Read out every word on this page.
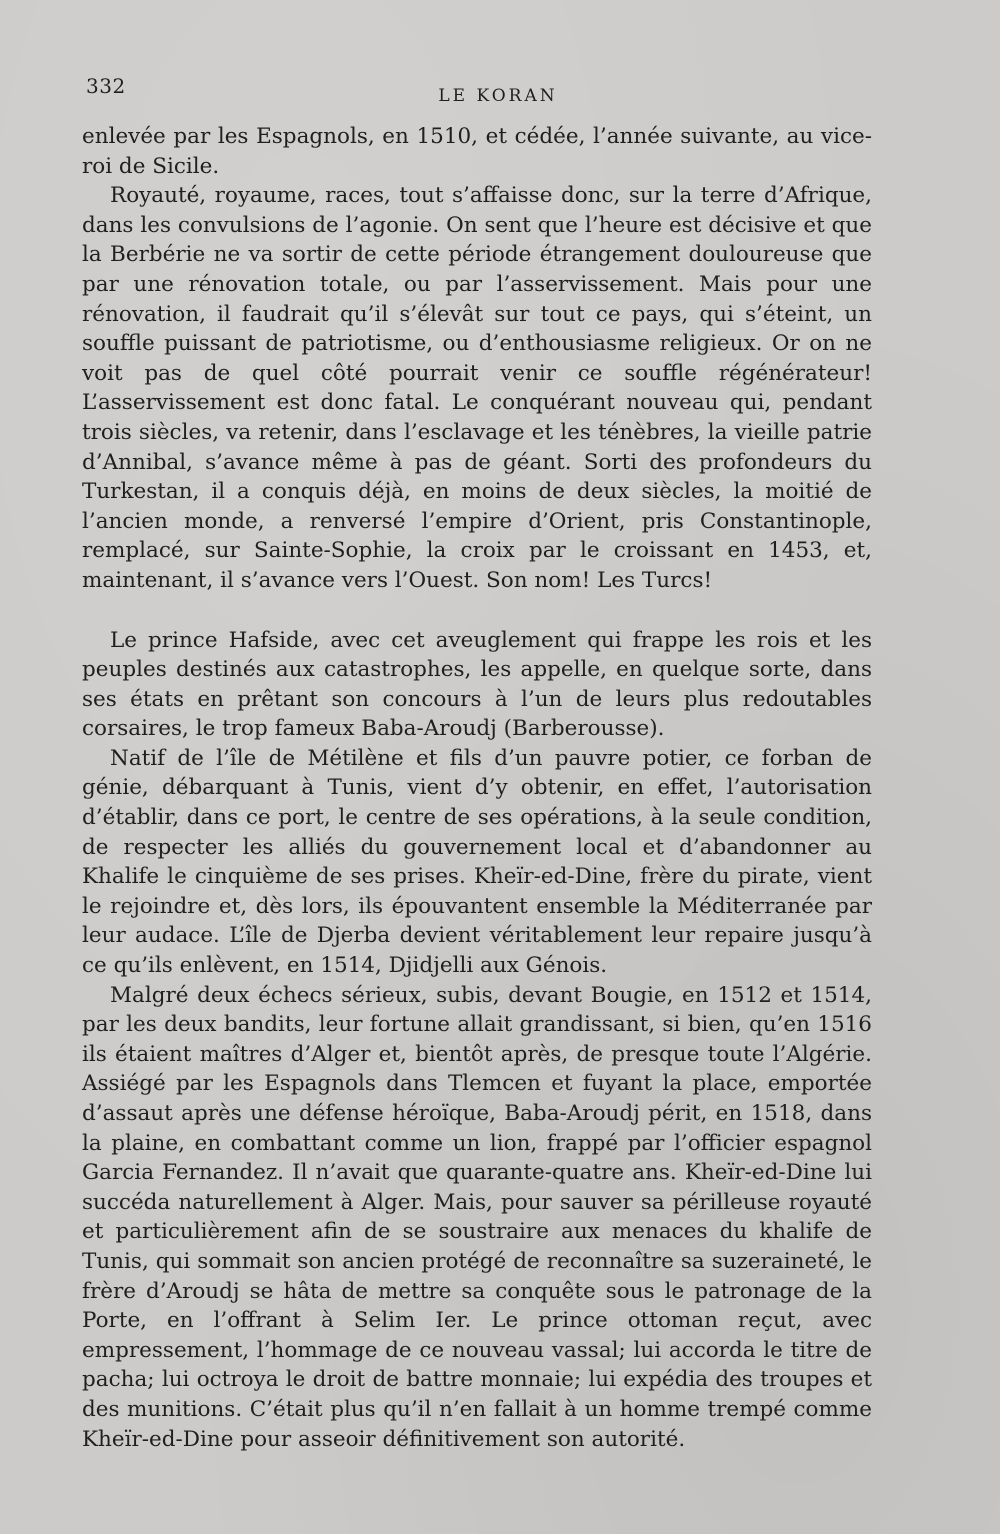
332	LE KORAN

enlevée par les Espagnols, en 1510, et cédée, l’année suivante, au vice-roi de Sicile.

Royauté, royaume, races, tout s’affaisse donc, sur la terre d’Afrique, dans les convulsions de l’agonie. On sent que l’heure est décisive et que la Berbérie ne va sortir de cette période étrangement douloureuse que par une rénovation totale, ou par l’asservissement. Mais pour une rénovation, il faudrait qu’il s’élevât sur tout ce pays, qui s’éteint, un souffle puissant de patriotisme, ou d’enthousiasme religieux. Or on ne voit pas de quel côté pourrait venir ce souffle régénérateur! L’asservissement est donc fatal. Le conquérant nouveau qui, pendant trois siècles, va retenir, dans l’esclavage et les ténèbres, la vieille patrie d’Annibal, s’avance même à pas de géant. Sorti des profondeurs du Turkestan, il a conquis déjà, en moins de deux siècles, la moitié de l’ancien monde, a renversé l’empire d’Orient, pris Constantinople, remplacé, sur Sainte-Sophie, la croix par le croissant en 1453, et, maintenant, il s’avance vers l’Ouest. Son nom! Les Turcs!

Le prince Hafside, avec cet aveuglement qui frappe les rois et les peuples destinés aux catastrophes, les appelle, en quelque sorte, dans ses états en prêtant son concours à l’un de leurs plus redoutables corsaires, le trop fameux Baba-Aroudj (Barberousse).

Natif de l’île de Métilène et fils d’un pauvre potier, ce forban de génie, débarquant à Tunis, vient d’y obtenir, en effet, l’autorisation d’établir, dans ce port, le centre de ses opérations, à la seule condition, de respecter les alliés du gouvernement local et d’abandonner au Khalife le cinquième de ses prises. Kheïr-ed-Dine, frère du pirate, vient le rejoindre et, dès lors, ils épouvantent ensemble la Méditerranée par leur audace. L’île de Djerba devient véritablement leur repaire jusqu’à ce qu’ils enlèvent, en 1514, Djidjelli aux Génois.

Malgré deux échecs sérieux, subis, devant Bougie, en 1512 et 1514, par les deux bandits, leur fortune allait grandissant, si bien, qu’en 1516 ils étaient maîtres d’Alger et, bientôt après, de presque toute l’Algérie. Assiégé par les Espagnols dans Tlemcen et fuyant la place, emportée d’assaut après une défense héroïque, Baba-Aroudj périt, en 1518, dans la plaine, en combattant comme un lion, frappé par l’officier espagnol Garcia Fernandez. Il n’avait que quarante-quatre ans. Kheïr-ed-Dine lui succéda naturellement à Alger. Mais, pour sauver sa périlleuse royauté et particulièrement afin de se soustraire aux menaces du khalife de Tunis, qui sommait son ancien protégé de reconnaître sa suzeraineté, le frère d’Aroudj se hâta de mettre sa conquête sous le patronage de la Porte, en l’offrant à Selim Ier. Le prince ottoman reçut, avec empressement, l’hommage de ce nouveau vassal; lui accorda le titre de pacha; lui octroya le droit de battre monnaie; lui expédia des troupes et des munitions. C’était plus qu’il n’en fallait à un homme trempé comme Kheïr-ed-Dine pour asseoir définitivement son autorité.
